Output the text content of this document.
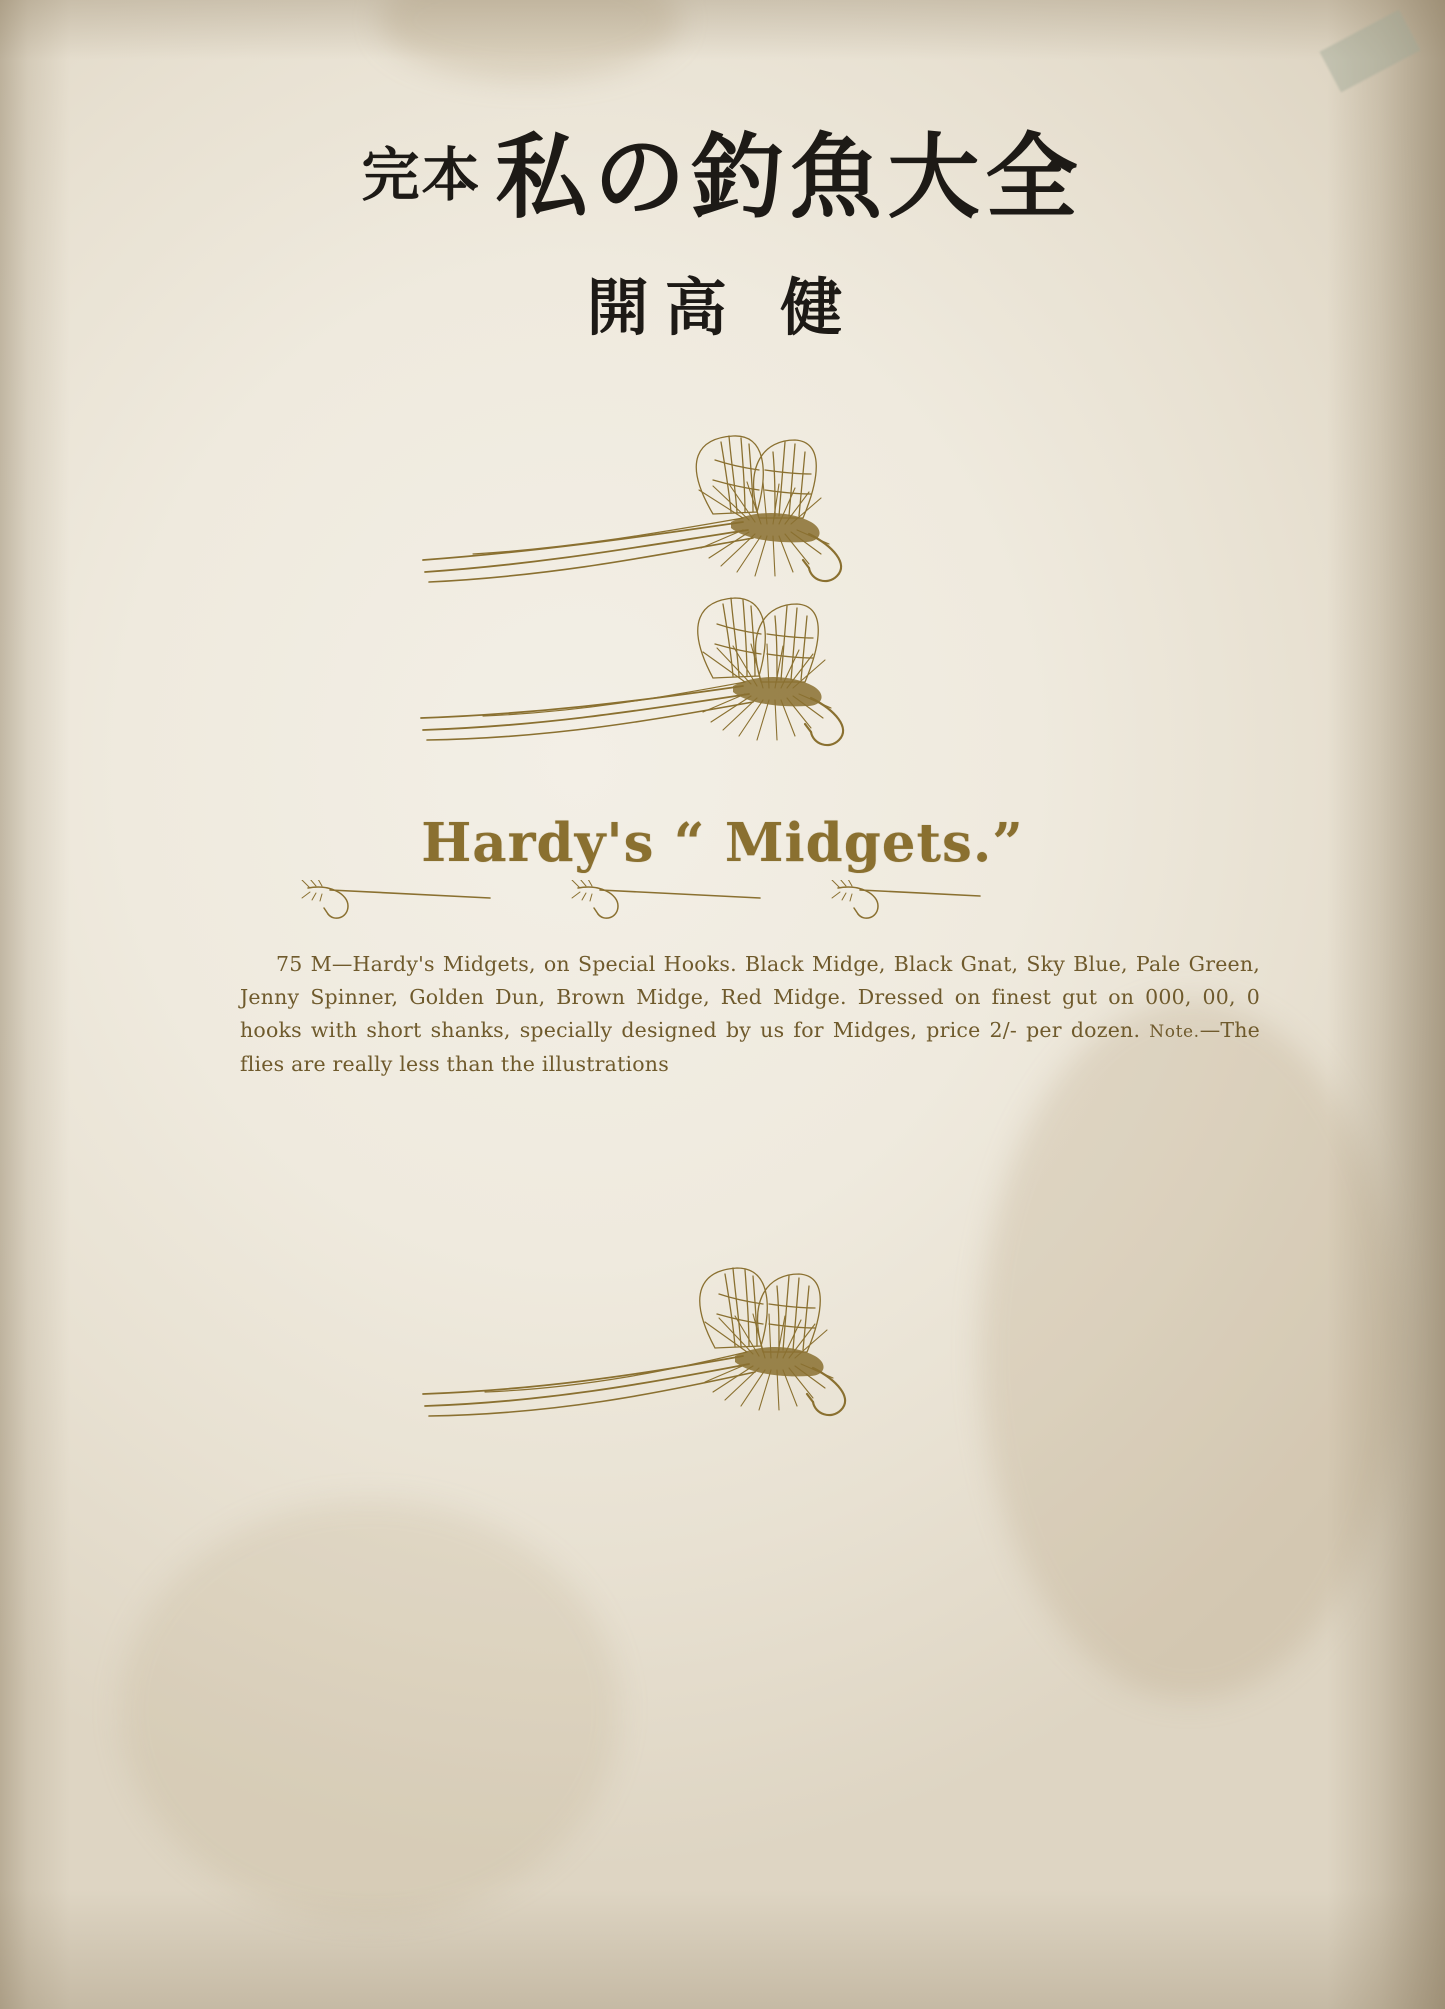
完本 私の釣魚大全
開高 健
Hardy's “ Midgets.”
75 M—Hardy's Midgets, on Special Hooks. Black Midge, Black Gnat, Sky Blue, Pale Green, Jenny Spinner, Golden Dun, Brown Midge, Red Midge. Dressed on finest gut on 000, 00, 0 hooks with short shanks, specially designed by us for Midges, price 2/- per dozen. Note.—The flies are really less than the illustrations
